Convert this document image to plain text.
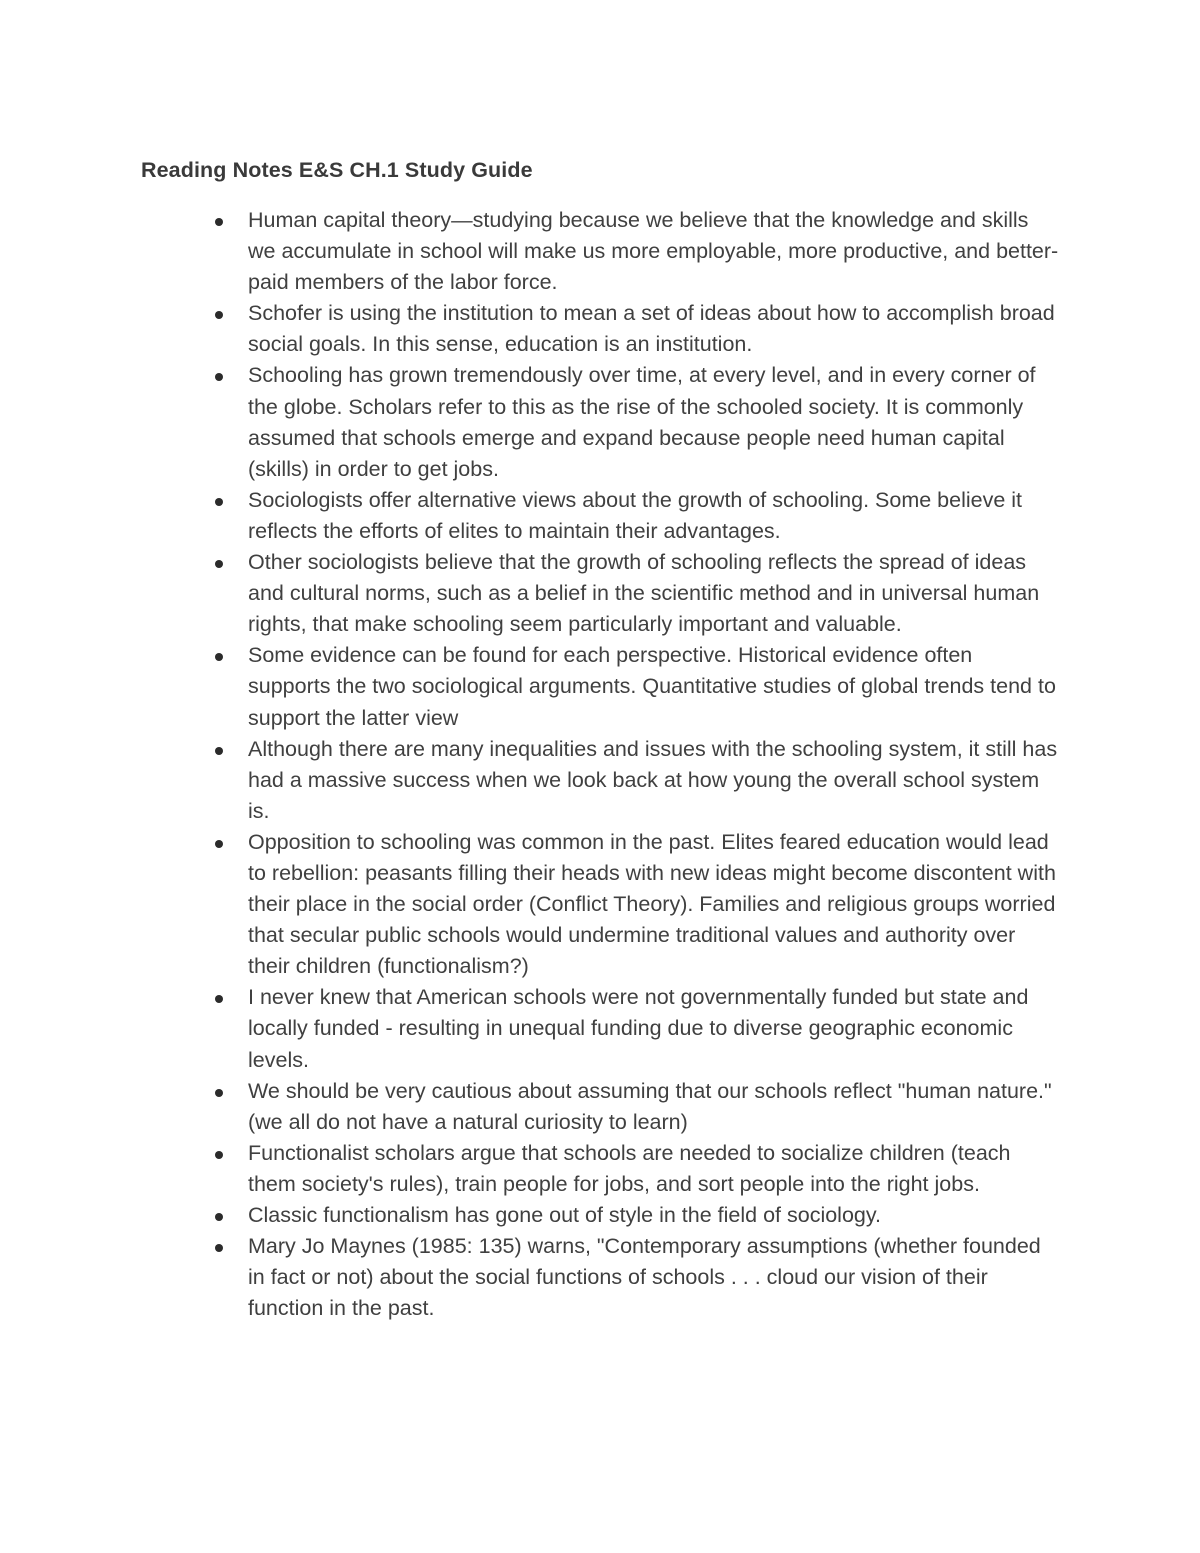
Reading Notes E&S CH.1 Study Guide
Human capital theory—studying because we believe that the knowledge and skills we accumulate in school will make us more employable, more productive, and better-paid members of the labor force.
Schofer is using the institution to mean a set of ideas about how to accomplish broad social goals. In this sense, education is an institution.
Schooling has grown tremendously over time, at every level, and in every corner of the globe. Scholars refer to this as the rise of the schooled society. It is commonly assumed that schools emerge and expand because people need human capital (skills) in order to get jobs.
Sociologists offer alternative views about the growth of schooling. Some believe it reflects the efforts of elites to maintain their advantages.
Other sociologists believe that the growth of schooling reflects the spread of ideas and cultural norms, such as a belief in the scientific method and in universal human rights, that make schooling seem particularly important and valuable.
Some evidence can be found for each perspective. Historical evidence often supports the two sociological arguments. Quantitative studies of global trends tend to support the latter view
Although there are many inequalities and issues with the schooling system, it still has had a massive success when we look back at how young the overall school system is.
Opposition to schooling was common in the past. Elites feared education would lead to rebellion: peasants filling their heads with new ideas might become discontent with their place in the social order (Conflict Theory). Families and religious groups worried that secular public schools would undermine traditional values and authority over their children (functionalism?)
I never knew that American schools were not governmentally funded but state and locally funded - resulting in unequal funding due to diverse geographic economic levels.
We should be very cautious about assuming that our schools reflect "human nature." (we all do not have a natural curiosity to learn)
Functionalist scholars argue that schools are needed to socialize children (teach them society's rules), train people for jobs, and sort people into the right jobs.
Classic functionalism has gone out of style in the field of sociology.
Mary Jo Maynes (1985: 135) warns, "Contemporary assumptions (whether founded in fact or not) about the social functions of schools . . . cloud our vision of their function in the past.
